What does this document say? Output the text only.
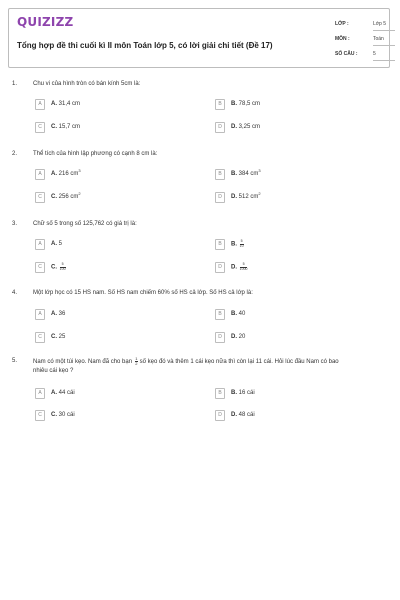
QUIZIZZ
Tổng hợp đề thi cuối kì II môn Toán lớp 5, có lời giải chi tiết (Đề 17)
LỚP :	Lớp 5
MÔN :	Toán
SỐ CÂU :	5
1.	Chu vi của hình tròn có bán kính 5cm là:
A	A. 31,4 cm	B	B. 78,5 cm
C	C. 15,7 cm	D	D. 3,25 cm
2.	Thể tích của hình lập phương có cạnh 8 cm là:
A	A. 216 $cm^3$
B	B. 384 $cm^3$
C	C. 256 $cm^2$
D	D. 512 $cm^2$
3.	Chữ số 5 trong số 125,762 có giá trị là:
A	A. 5	B	B. $\frac{5}{10}$
C	C. $\frac{5}{100}$	D	D. $\frac{5}{1000}$
4.	Một lớp học có 15 HS nam. Số HS nam chiếm 60% số HS cả lớp. Số HS cả lớp là:
A	A. 36	B	B. 40
C	C. 25	D	D. 20
5.	Nam có một túi kẹo. Nam đã cho bạn $\frac{1}{2}$ số kẹo đó và thêm 1 cái kẹo nữa thì còn lại 11 cái. Hỏi lúc đầu Nam có bao
nhiêu cái kẹo ?
A	A. 44 cái	B	B. 16 cái
C	C. 30 cái	D	D. 48 cái
